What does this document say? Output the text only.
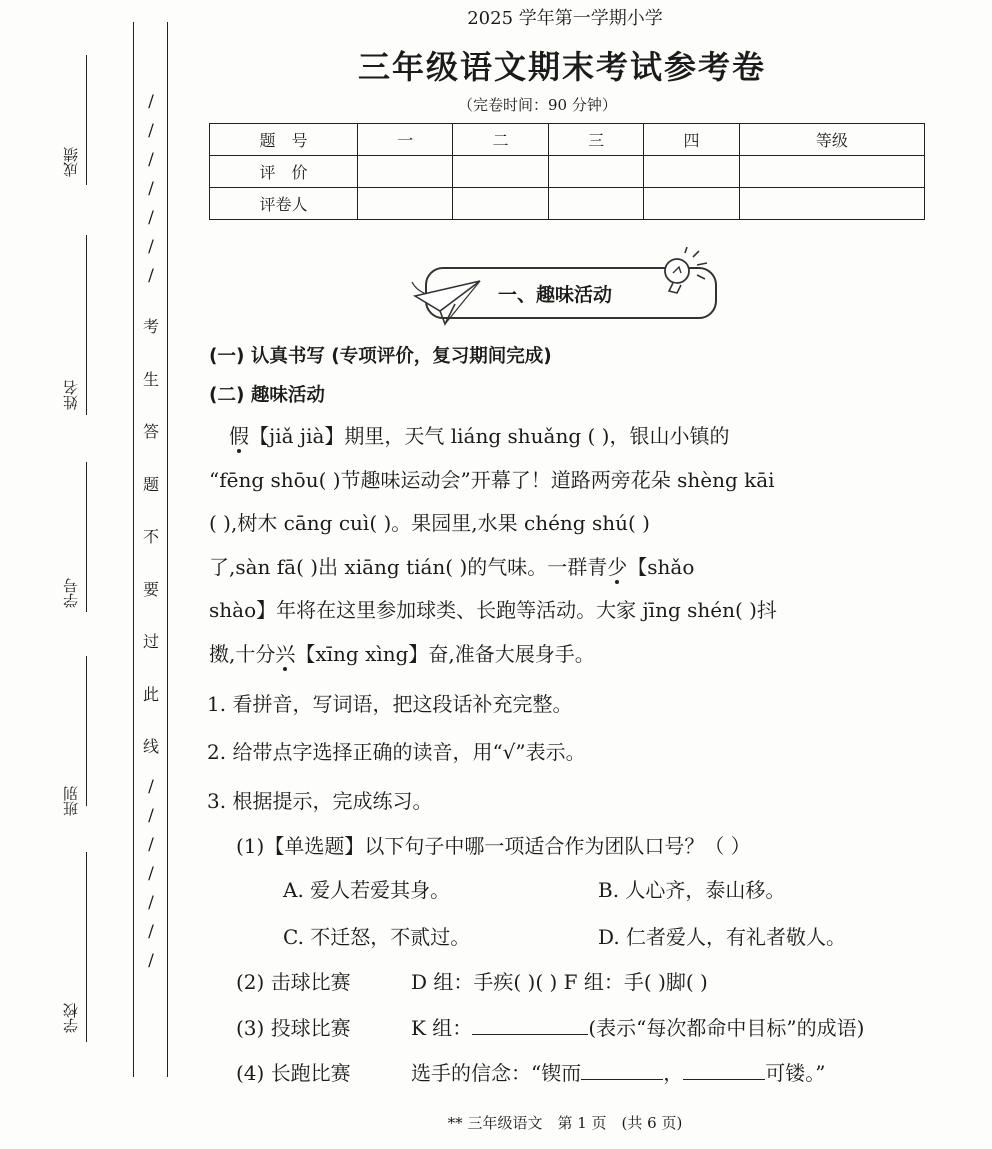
成绩
姓名
学号
班别
学校
/
/
/
/
/
/
/
考
生
答
题
不
要
过
此
线
/
/
/
/
/
/
/
2025 学年第一学期小学
三年级语文期末考试参考卷
（完卷时间：90 分钟）
题　号	一	二	三	四	等级
评　价					
评卷人					
一、趣味活动
(一) 认真书写 (专项评价，复习期间完成)
(二) 趣味活动

　假【jiǎ jià】期里，天气 liáng shuǎng ( )，银山小镇的

“fēng shōu( )节趣味运动会”开幕了！道路两旁花朵 shèng kāi

( ),树木 cāng cuì( )。果园里,水果 chéng shú( )

了,sàn fā( )出 xiāng tián( )的气味。一群青少【shǎo

shào】年将在这里参加球类、长跑等活动。大家 jīng shén( )抖

擞,十分兴【xīng xìng】奋,准备大展身手。

1. 看拼音，写词语，把这段话补充完整。
2. 给带点字选择正确的读音，用“√”表示。
3. 根据提示，完成练习。
(1)【单选题】以下句子中哪一项适合作为团队口号？（ ）
A. 爱人若爱其身。	B. 人心齐，泰山移。
C. 不迁怒，不贰过。	D. 仁者爱人，有礼者敬人。
(2) 击球比赛	D 组：手疾( )( ) F 组：手( )脚( )
(3) 投球比赛	K 组：	(表示“每次都命中目标”的成语)
(4) 长跑比赛	选手的信念：“锲而	，	可镂。”
** 三年级语文　第 1 页　(共 6 页)
